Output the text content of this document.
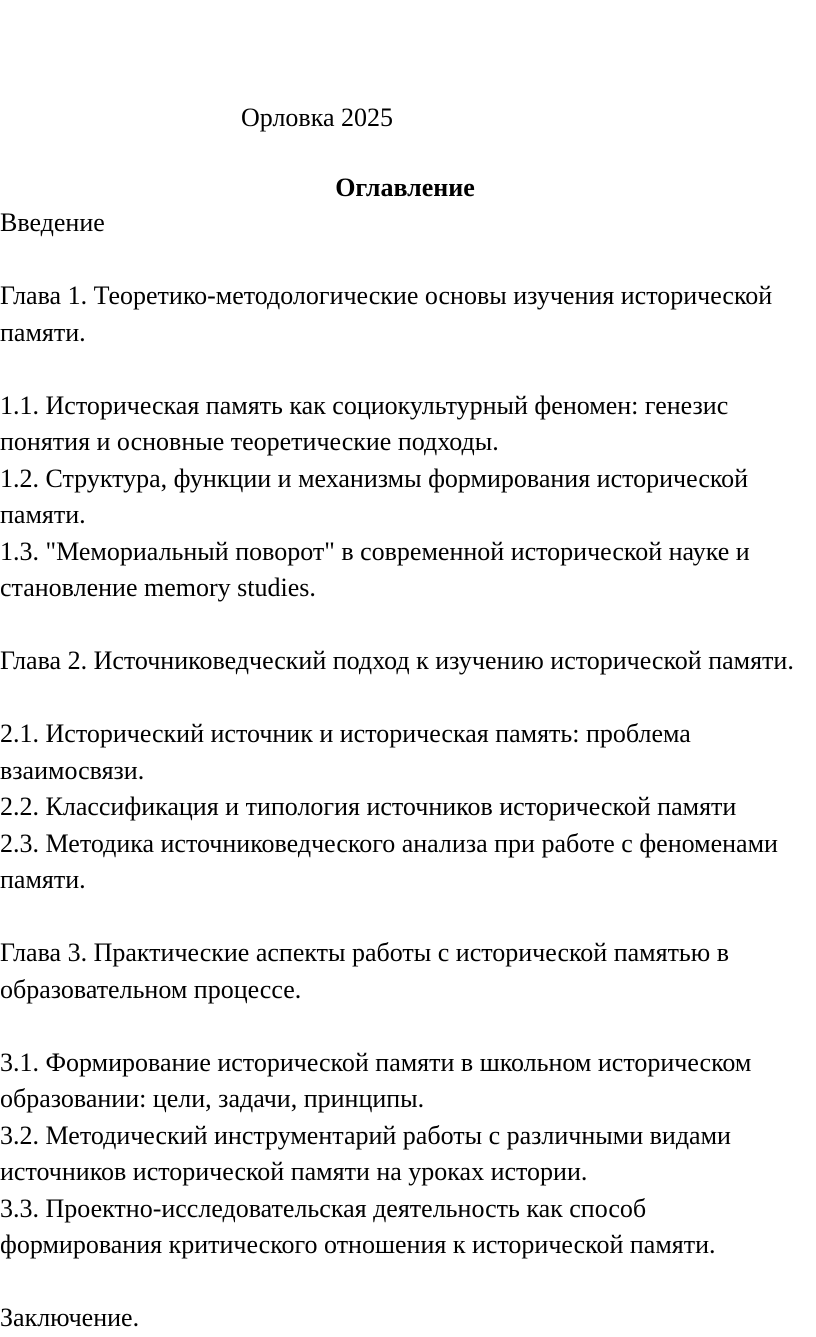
Орловка 2025
Оглавление

Введение

Глава 1. Теоретико-методологические основы изучения исторической памяти.

1.1. Историческая память как социокультурный феномен: генезис понятия и основные теоретические подходы.

1.2. Структура, функции и механизмы формирования исторической памяти.

1.3. "Мемориальный поворот" в современной исторической науке и становление memory studies.

Глава 2. Источниковедческий подход к изучению исторической памяти.

2.1. Исторический источник и историческая память: проблема взаимосвязи.

2.2. Классификация и типология источников исторической памяти

2.3. Методика источниковедческого анализа при работе с феноменами памяти.

Глава 3. Практические аспекты работы с исторической памятью в образовательном процессе.

3.1. Формирование исторической памяти в школьном историческом образовании: цели, задачи, принципы.

3.2. Методический инструментарий работы с различными видами источников исторической памяти на уроках истории.

3.3. Проектно-исследовательская деятельность как способ формирования критического отношения к исторической памяти.

Заключение.
